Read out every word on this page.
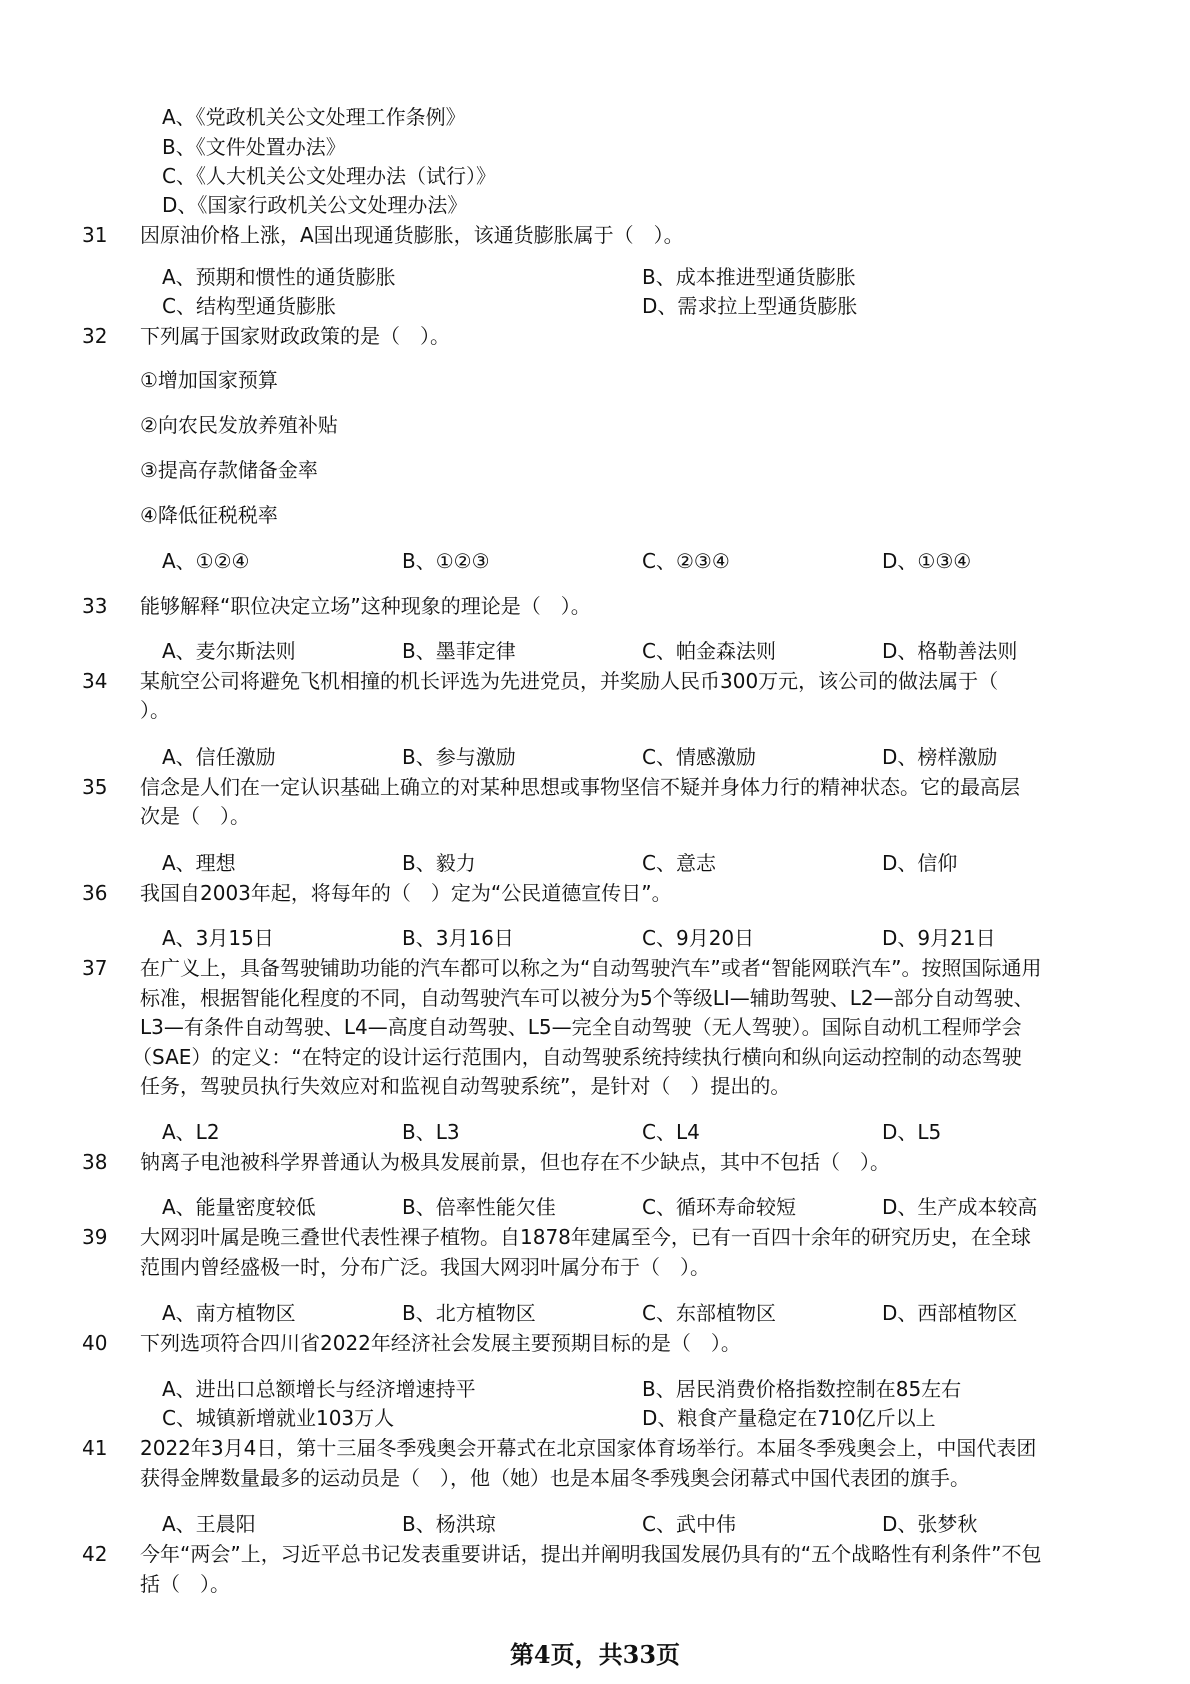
A、《党政机关公文处理工作条例》
B、《文件处置办法》
C、《人大机关公文处理办法（试行）》
D、《国家行政机关公文处理办法》
31 因原油价格上涨，A国出现通货膨胀，该通货膨胀属于（　）。
A、预期和惯性的通货膨胀	B、成本推进型通货膨胀
C、结构型通货膨胀	D、需求拉上型通货膨胀
32 下列属于国家财政政策的是（　）。
①增加国家预算
②向农民发放养殖补贴
③提高存款储备金率
④降低征税税率
A、①②④	B、①②③	C、②③④	D、①③④
33 能够解释“职位决定立场”这种现象的理论是（　）。
A、麦尔斯法则	B、墨菲定律	C、帕金森法则	D、格勒善法则
34 某航空公司将避免飞机相撞的机长评选为先进党员，并奖励人民币300万元，该公司的做法属于（
）。
A、信任激励	B、参与激励	C、情感激励	D、榜样激励
35 信念是人们在一定认识基础上确立的对某种思想或事物坚信不疑并身体力行的精神状态。它的最高层
次是（　）。
A、理想	B、毅力	C、意志	D、信仰
36 我国自2003年起，将每年的（　）定为“公民道德宣传日”。
A、3月15日	B、3月16日	C、9月20日	D、9月21日
37 在广义上，具备驾驶铺助功能的汽车都可以称之为“自动驾驶汽车”或者“智能网联汽车”。按照国际通用
标准，根据智能化程度的不同，自动驾驶汽车可以被分为5个等级LI—辅助驾驶、L2—部分自动驾驶、
L3—有条件自动驾驶、L4—高度自动驾驶、L5—完全自动驾驶（无人驾驶）。国际自动机工程师学会
（SAE）的定义：“在特定的设计运行范围内，自动驾驶系统持续执行横向和纵向运动控制的动态驾驶
任务，驾驶员执行失效应对和监视自动驾驶系统”，是针对（　）提出的。
A、L2	B、L3	C、L4	D、L5
38 钠离子电池被科学界普通认为极具发展前景，但也存在不少缺点，其中不包括（　）。
A、能量密度较低	B、倍率性能欠佳	C、循环寿命较短	D、生产成本较高
39 大网羽叶属是晚三叠世代表性裸子植物。自1878年建属至今，已有一百四十余年的研究历史，在全球
范围内曾经盛极一时，分布广泛。我国大网羽叶属分布于（　）。
A、南方植物区	B、北方植物区	C、东部植物区	D、西部植物区
40 下列选项符合四川省2022年经济社会发展主要预期目标的是（　）。
A、进出口总额增长与经济增速持平	B、居民消费价格指数控制在85左右
C、城镇新增就业103万人	D、粮食产量稳定在710亿斤以上
41 2022年3月4日，第十三届冬季残奥会开幕式在北京国家体育场举行。本届冬季残奥会上，中国代表团
获得金牌数量最多的运动员是（　），他（她）也是本届冬季残奥会闭幕式中国代表团的旗手。
A、王晨阳	B、杨洪琼	C、武中伟	D、张梦秋
42 今年“两会”上，习近平总书记发表重要讲话，提出并阐明我国发展仍具有的“五个战略性有利条件”不包
括（　）。
第4页，共33页
